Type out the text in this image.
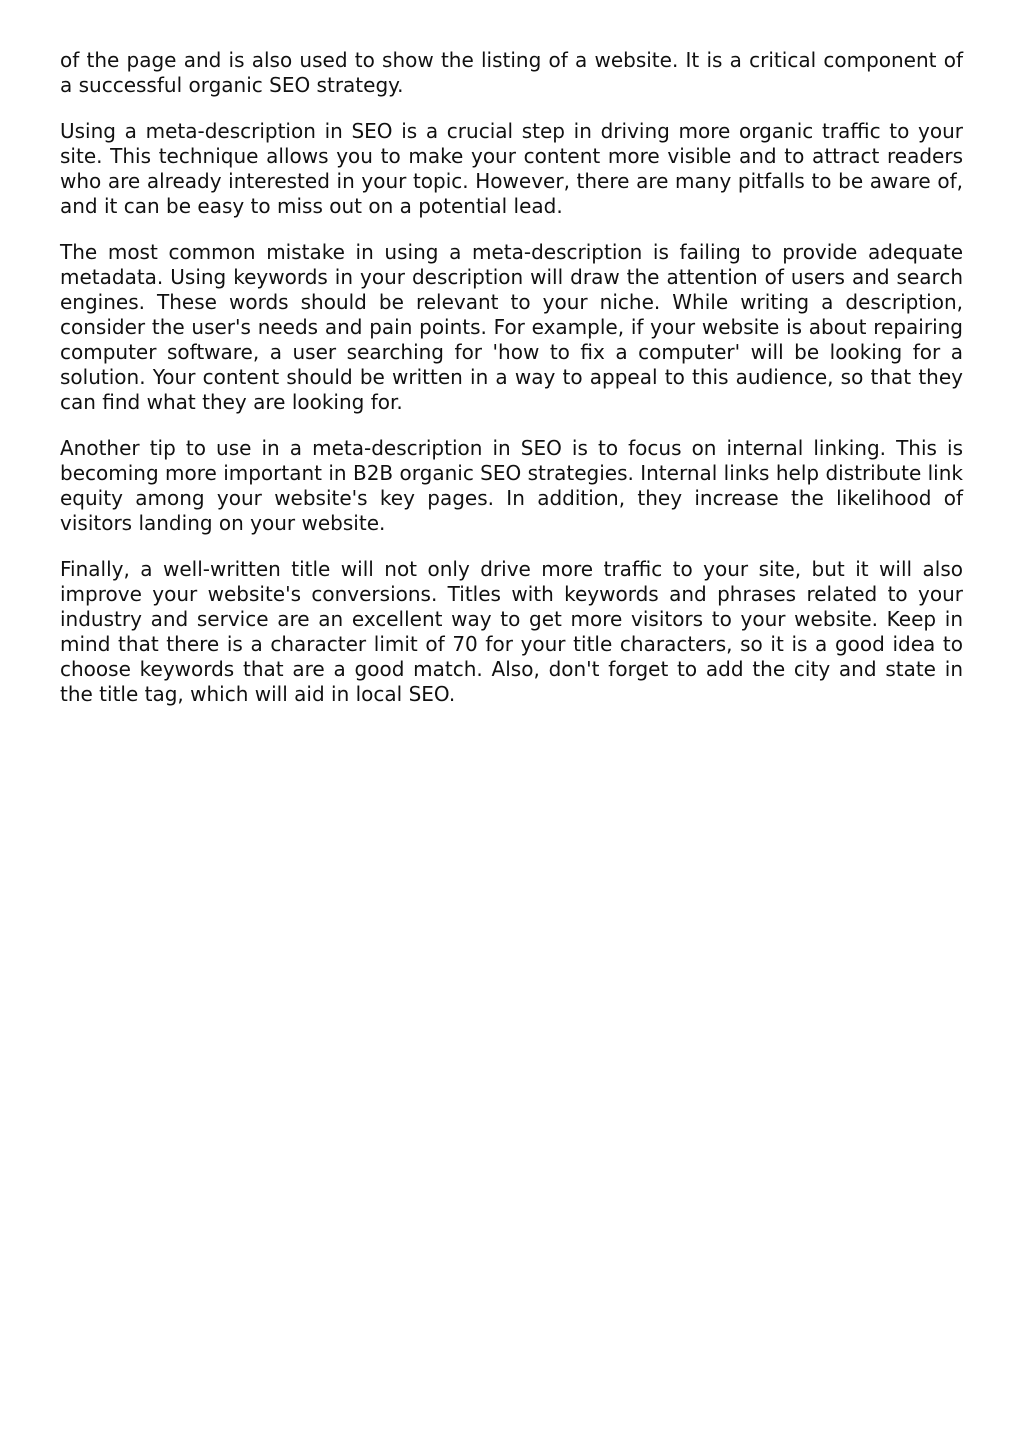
of the page and is also used to show the listing of a website. It is a critical component of a successful organic SEO strategy.

Using a meta-description in SEO is a crucial step in driving more organic traffic to your site. This technique allows you to make your content more visible and to attract readers who are already interested in your topic. However, there are many pitfalls to be aware of, and it can be easy to miss out on a potential lead.

The most common mistake in using a meta-description is failing to provide adequate metadata. Using keywords in your description will draw the attention of users and search engines. These words should be relevant to your niche. While writing a description, consider the user's needs and pain points. For example, if your website is about repairing computer software, a user searching for 'how to fix a computer' will be looking for a solution. Your content should be written in a way to appeal to this audience, so that they can find what they are looking for.

Another tip to use in a meta-description in SEO is to focus on internal linking. This is becoming more important in B2B organic SEO strategies. Internal links help distribute link equity among your website's key pages. In addition, they increase the likelihood of visitors landing on your website.

Finally, a well-written title will not only drive more traffic to your site, but it will also improve your website's conversions. Titles with keywords and phrases related to your industry and service are an excellent way to get more visitors to your website. Keep in mind that there is a character limit of 70 for your title characters, so it is a good idea to choose keywords that are a good match. Also, don't forget to add the city and state in the title tag, which will aid in local SEO.
